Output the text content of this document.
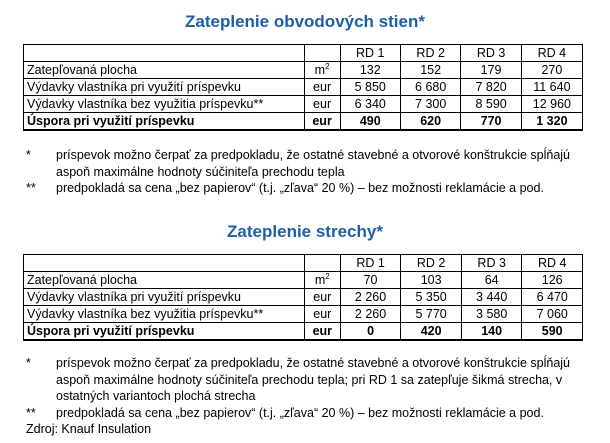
Zateplenie obvodových stien*
		RD 1	RD 2	RD 3	RD 4
Zatepľovaná plocha	$m^2$	132	152	179	270
Výdavky vlastníka pri využití príspevku	eur	5 850	6 680	7 820	11 640
Výdavky vlastníka bez využitia príspevku**	eur	6 340	7 300	8 590	12 960
Úspora pri využití príspevku	eur	490	620	770	1 320
*	príspevok možno čerpať za predpokladu, že ostatné stavebné a otvorové konštrukcie spĺňajú aspoň maximálne hodnoty súčiniteľa prechodu tepla
**	predpokladá sa cena „bez papierov“ (t.j. „zľava“ 20 %) – bez možnosti reklamácie a pod.
Zateplenie strechy*
		RD 1	RD 2	RD 3	RD 4
Zatepľovaná plocha	$m^2$	70	103	64	126
Výdavky vlastníka pri využití príspevku	eur	2 260	5 350	3 440	6 470
Výdavky vlastníka bez využitia príspevku**	eur	2 260	5 770	3 580	7 060
Úspora pri využití príspevku	eur	0	420	140	590
*	príspevok možno čerpať za predpokladu, že ostatné stavebné a otvorové konštrukcie spĺňajú aspoň maximálne hodnoty súčiniteľa prechodu tepla; pri RD 1 sa zatepľuje šikmá strecha, v ostatných variantoch plochá strecha
**	predpokladá sa cena „bez papierov“ (t.j. „zľava“ 20 %) – bez možnosti reklamácie a pod.
Zdroj: Knauf Insulation
